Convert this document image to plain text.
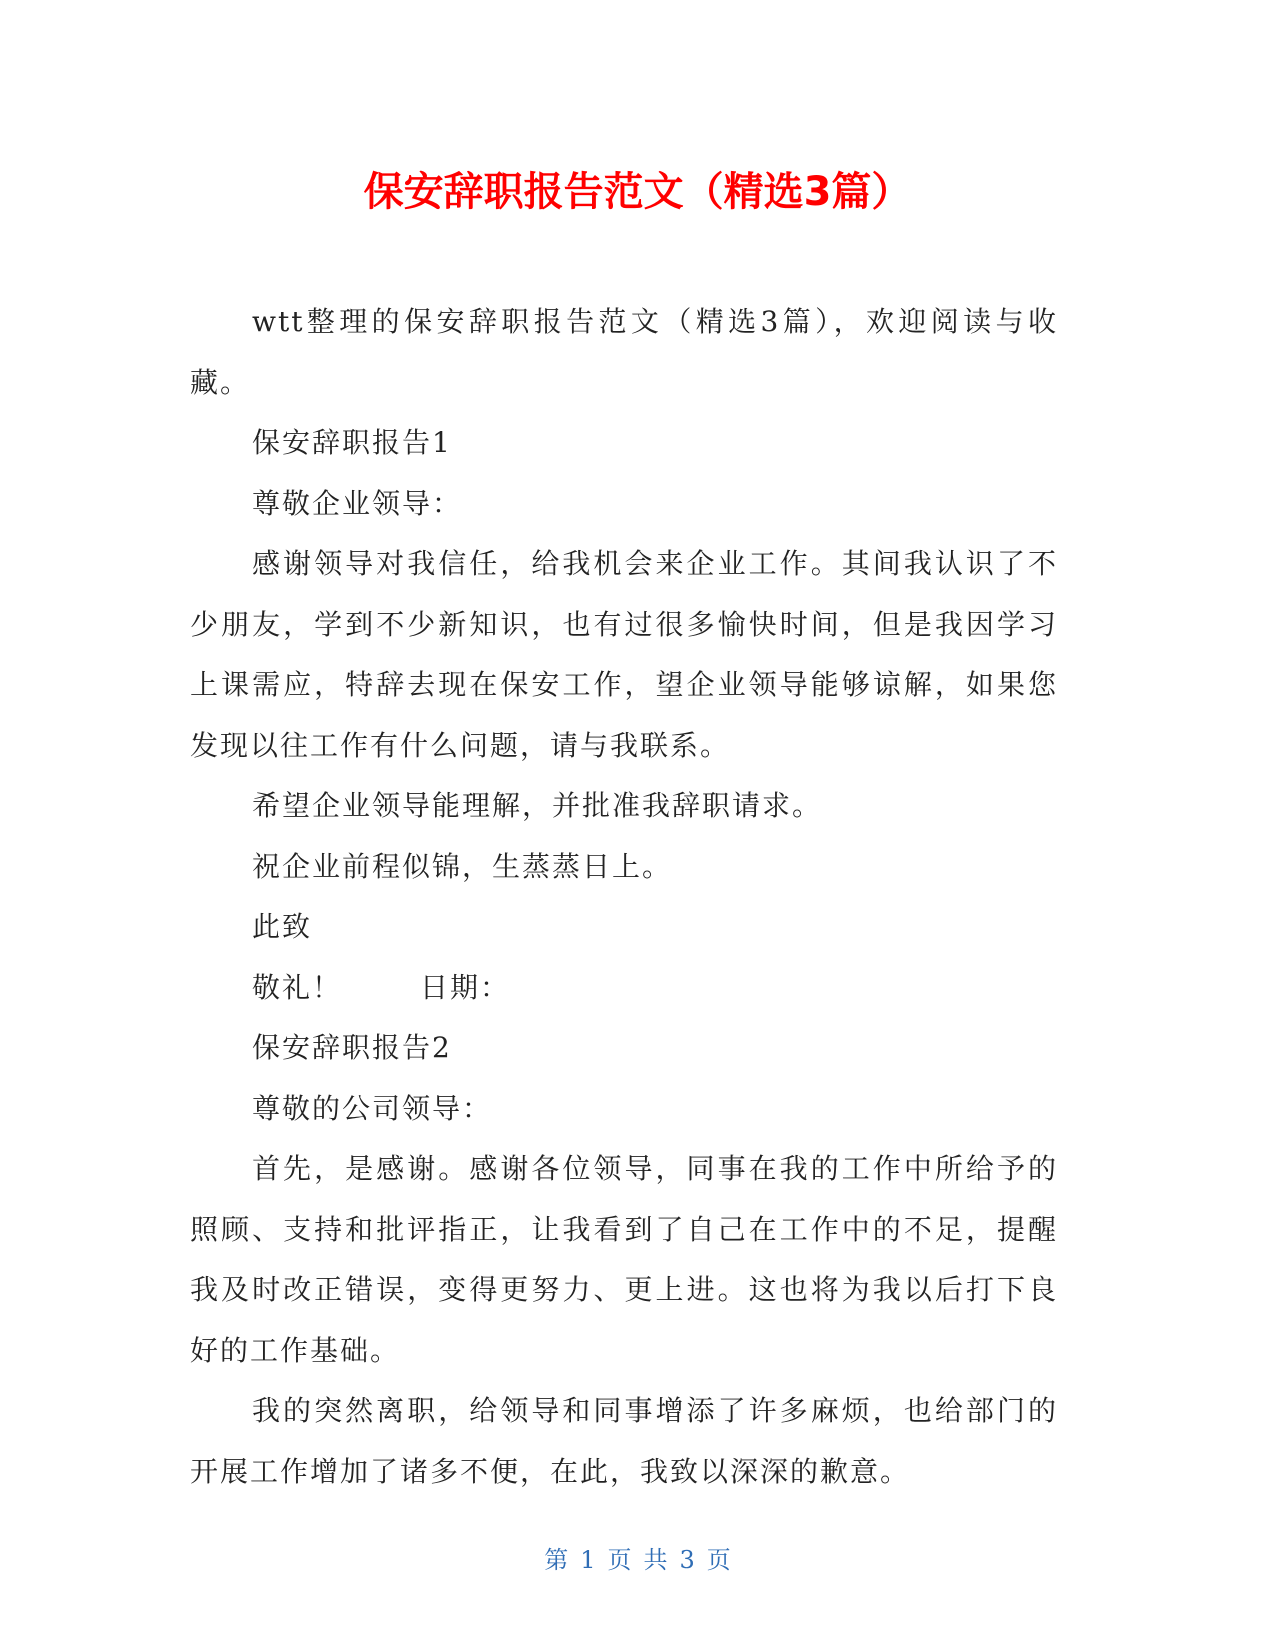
保安辞职报告范文（精选3篇）

wtt整理的保安辞职报告范文（精选3篇），欢迎阅读与收藏。

保安辞职报告1

尊敬企业领导：

感谢领导对我信任，给我机会来企业工作。其间我认识了不少朋友，学到不少新知识，也有过很多愉快时间，但是我因学习上课需应，特辞去现在保安工作，望企业领导能够谅解，如果您发现以往工作有什么问题，请与我联系。

希望企业领导能理解，并批准我辞职请求。

祝企业前程似锦，生蒸蒸日上。

此致

敬礼！	日期：

保安辞职报告2

尊敬的公司领导：

首先，是感谢。感谢各位领导，同事在我的工作中所给予的照顾、支持和批评指正，让我看到了自己在工作中的不足，提醒我及时改正错误，变得更努力、更上进。这也将为我以后打下良好的工作基础。

我的突然离职，给领导和同事增添了许多麻烦，也给部门的开展工作增加了诸多不便，在此，我致以深深的歉意。

第 1 页 共 3 页
